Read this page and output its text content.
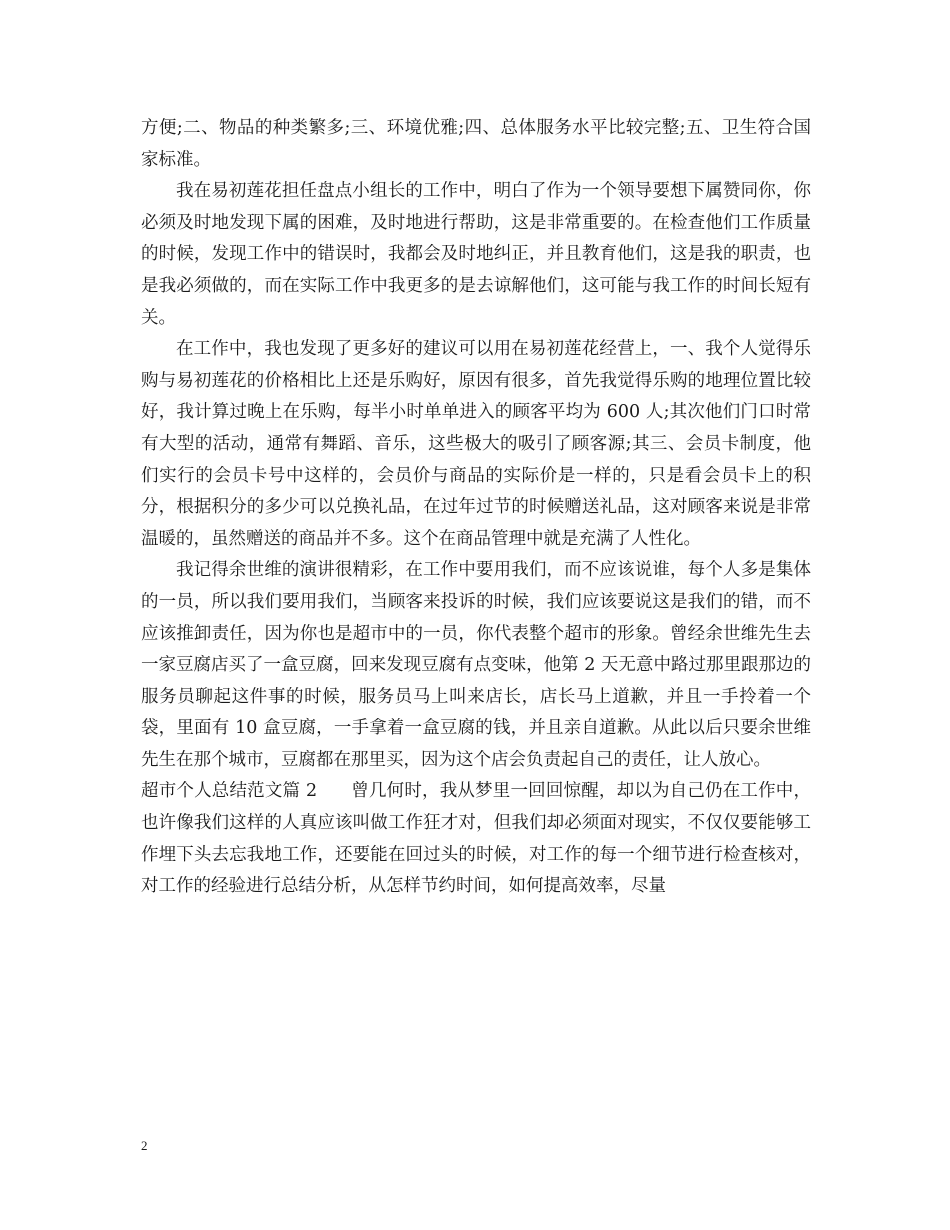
方便;二、物品的种类繁多;三、环境优雅;四、总体服务水平比较完整;五、卫生符合国家标准。

我在易初莲花担任盘点小组长的工作中，明白了作为一个领导要想下属赞同你，你必须及时地发现下属的困难，及时地进行帮助，这是非常重要的。在检查他们工作质量的时候，发现工作中的错误时，我都会及时地纠正，并且教育他们，这是我的职责，也是我必须做的，而在实际工作中我更多的是去谅解他们，这可能与我工作的时间长短有关。

在工作中，我也发现了更多好的建议可以用在易初莲花经营上，一、我个人觉得乐购与易初莲花的价格相比上还是乐购好，原因有很多，首先我觉得乐购的地理位置比较好，我计算过晚上在乐购，每半小时单单进入的顾客平均为 600 人;其次他们门口时常有大型的活动，通常有舞蹈、音乐，这些极大的吸引了顾客源;其三、会员卡制度，他们实行的会员卡号中这样的，会员价与商品的实际价是一样的，只是看会员卡上的积分，根据积分的多少可以兑换礼品，在过年过节的时候赠送礼品，这对顾客来说是非常温暖的，虽然赠送的商品并不多。这个在商品管理中就是充满了人性化。

我记得余世维的演讲很精彩，在工作中要用我们，而不应该说谁，每个人多是集体的一员，所以我们要用我们，当顾客来投诉的时候，我们应该要说这是我们的错，而不应该推卸责任，因为你也是超市中的一员，你代表整个超市的形象。曾经余世维先生去一家豆腐店买了一盒豆腐，回来发现豆腐有点变味，他第 2 天无意中路过那里跟那边的服务员聊起这件事的时候，服务员马上叫来店长，店长马上道歉，并且一手拎着一个袋，里面有 10 盒豆腐，一手拿着一盒豆腐的钱，并且亲自道歉。从此以后只要余世维先生在那个城市，豆腐都在那里买，因为这个店会负责起自己的责任，让人放心。

超市个人总结范文篇 2 曾几何时，我从梦里一回回惊醒，却以为自己仍在工作中，也许像我们这样的人真应该叫做工作狂才对，但我们却必须面对现实，不仅仅要能够工作埋下头去忘我地工作，还要能在回过头的时候，对工作的每一个细节进行检查核对，对工作的经验进行总结分析，从怎样节约时间，如何提高效率，尽量

2
